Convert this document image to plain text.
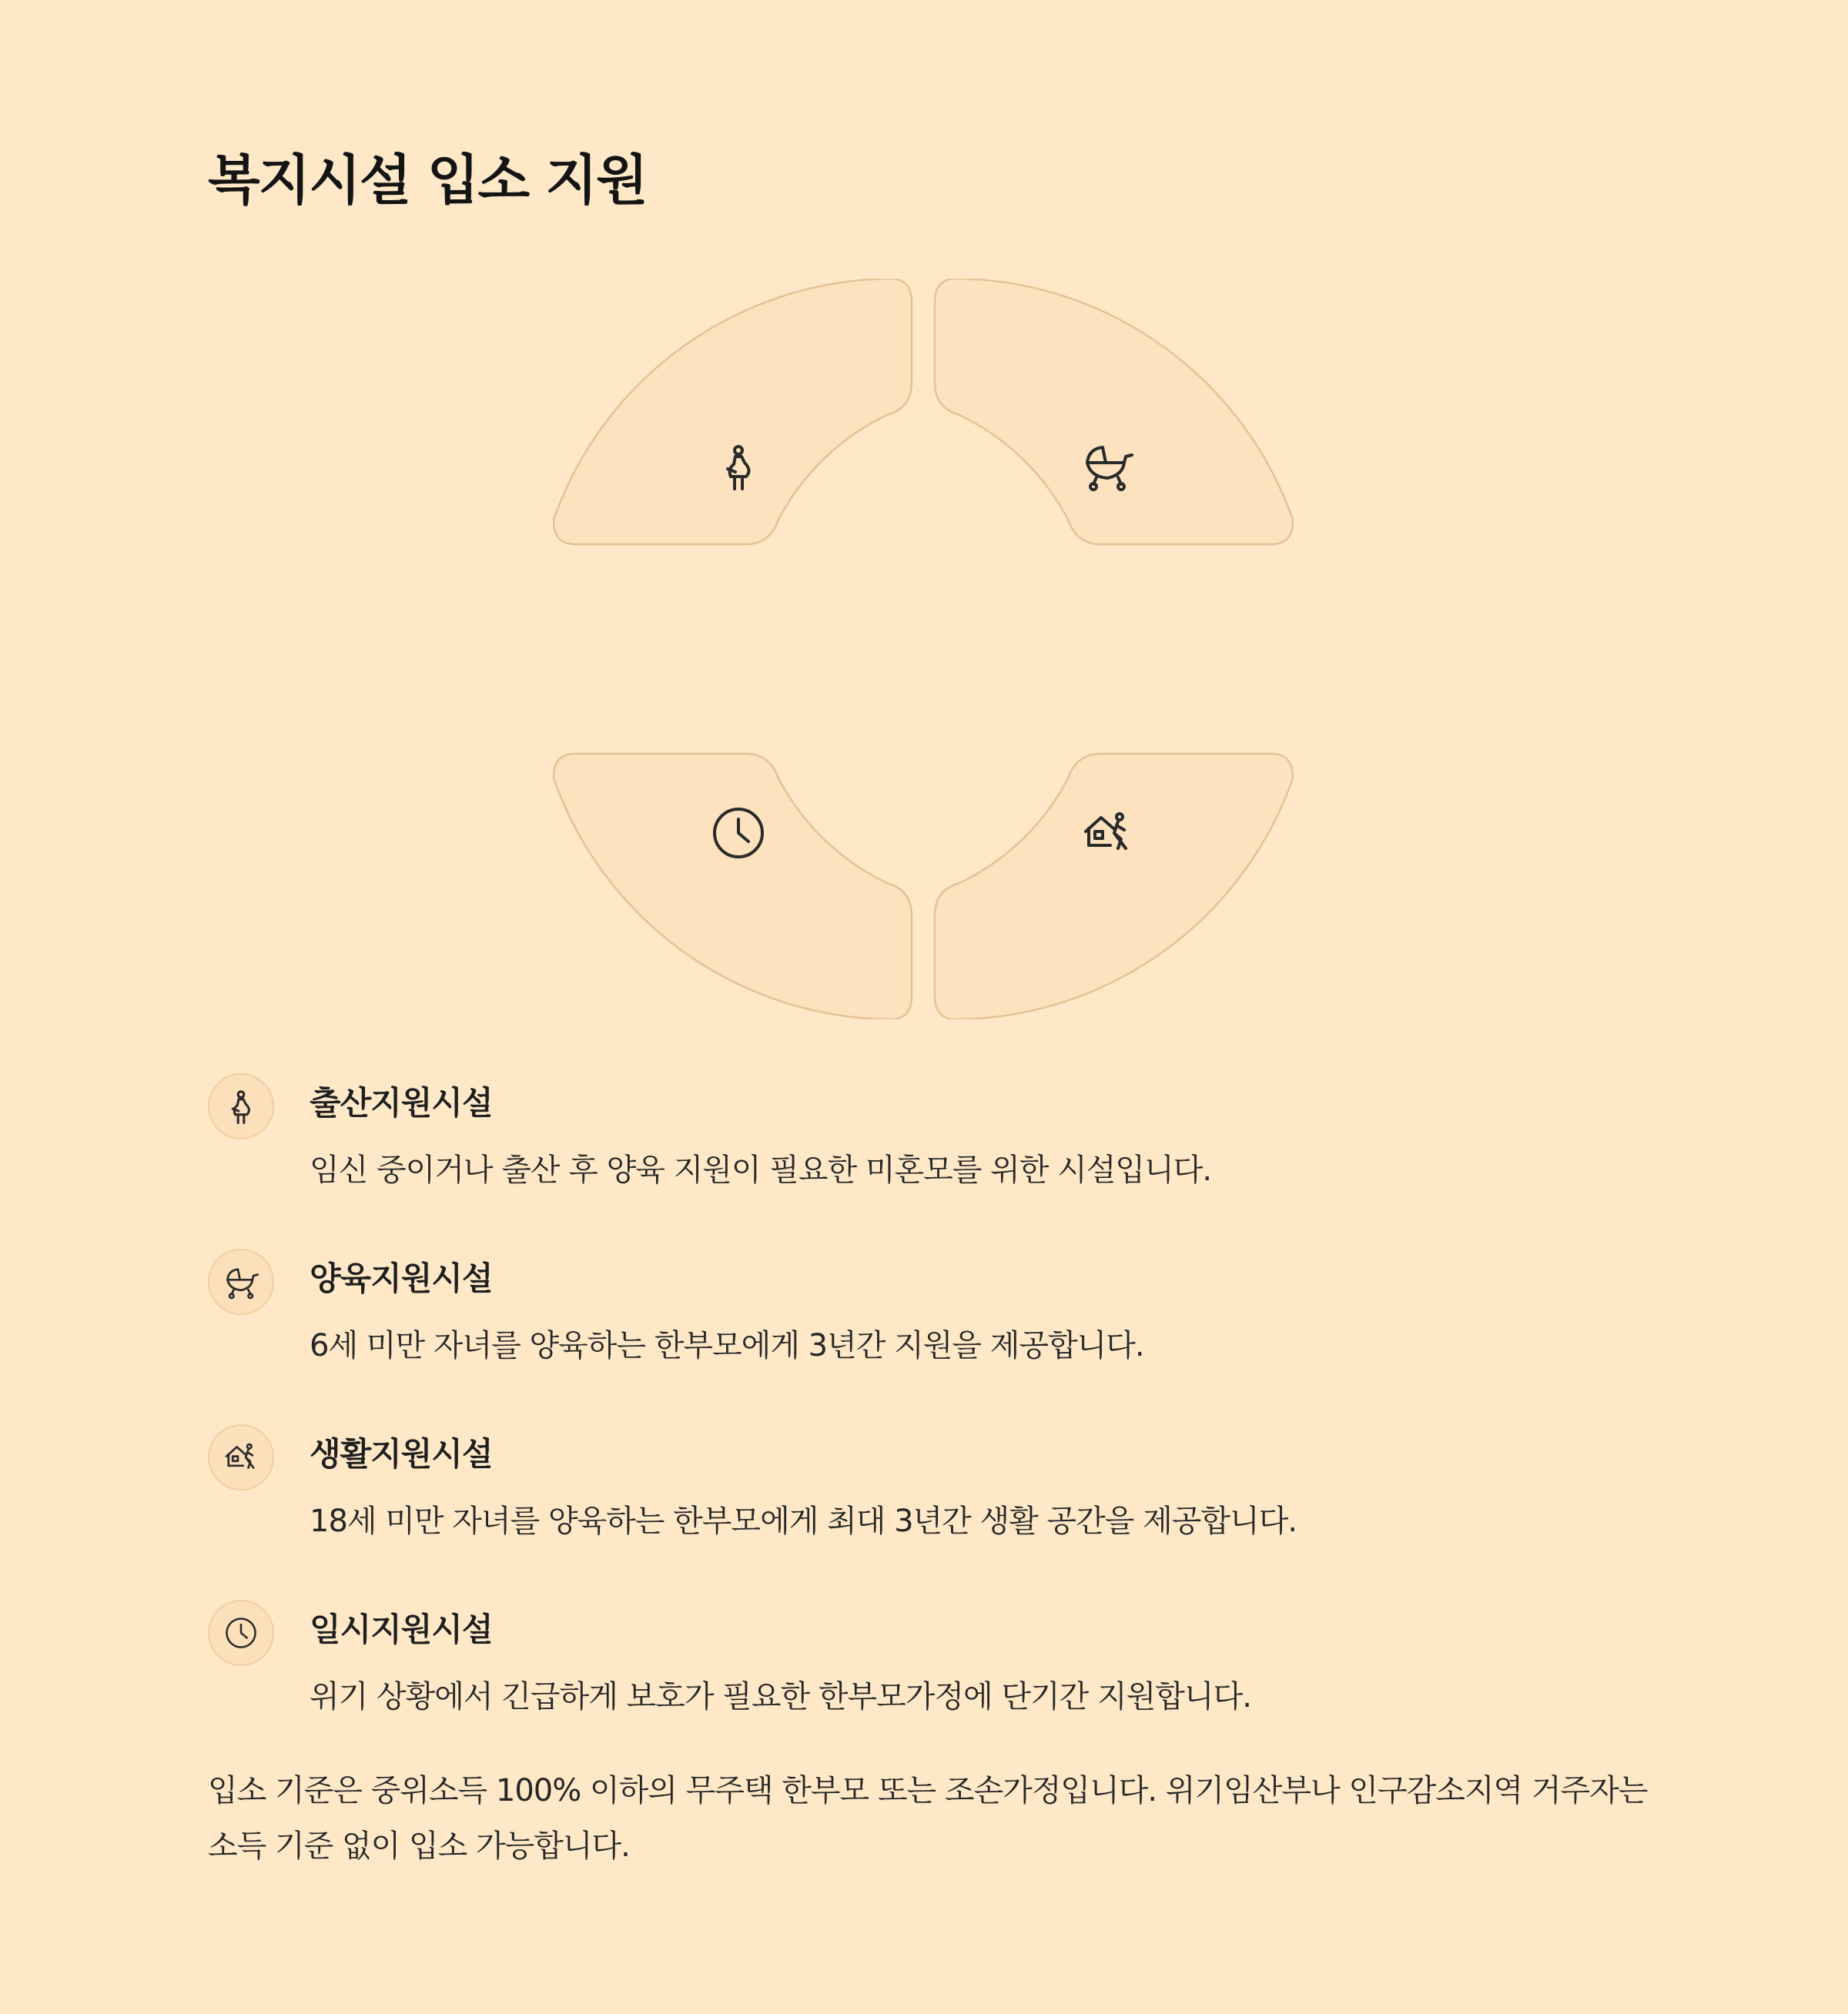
복지시설 입소 지원
출산지원시설
임신 중이거나 출산 후 양육 지원이 필요한 미혼모를 위한 시설입니다.
양육지원시설
6세 미만 자녀를 양육하는 한부모에게 3년간 지원을 제공합니다.
생활지원시설
18세 미만 자녀를 양육하는 한부모에게 최대 3년간 생활 공간을 제공합니다.
일시지원시설
위기 상황에서 긴급하게 보호가 필요한 한부모가정에 단기간 지원합니다.

입소 기준은 중위소득 100% 이하의 무주택 한부모 또는 조손가정입니다. 위기임산부나 인구감소지역 거주자는 소득 기준 없이 입소 가능합니다.
